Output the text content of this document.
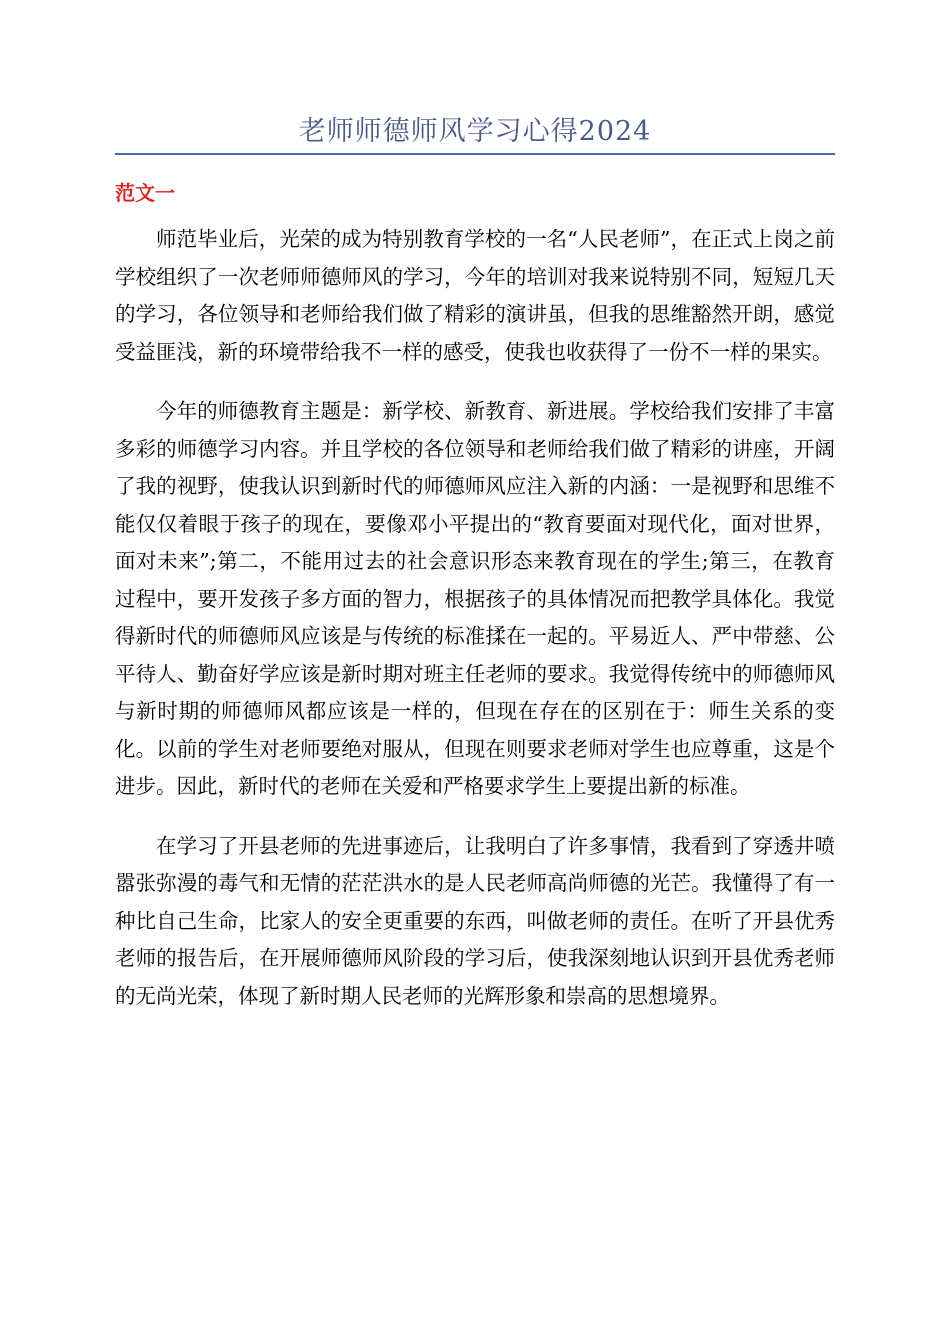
老师师德师风学习心得2024
范文一

师范毕业后，光荣的成为特别教育学校的一名“人民老师”，在正式上岗之前学校组织了一次老师师德师风的学习，今年的培训对我来说特别不同，短短几天的学习，各位领导和老师给我们做了精彩的演讲虽，但我的思维豁然开朗，感觉受益匪浅，新的环境带给我不一样的感受，使我也收获得了一份不一样的果实。

今年的师德教育主题是：新学校、新教育、新进展。学校给我们安排了丰富多彩的师德学习内容。并且学校的各位领导和老师给我们做了精彩的讲座，开阔了我的视野，使我认识到新时代的师德师风应注入新的内涵：一是视野和思维不能仅仅着眼于孩子的现在，要像邓小平提出的“教育要面对现代化，面对世界，面对未来”;第二，不能用过去的社会意识形态来教育现在的学生;第三，在教育过程中，要开发孩子多方面的智力，根据孩子的具体情况而把教学具体化。我觉得新时代的师德师风应该是与传统的标准揉在一起的。平易近人、严中带慈、公平待人、勤奋好学应该是新时期对班主任老师的要求。我觉得传统中的师德师风与新时期的师德师风都应该是一样的，但现在存在的区别在于：师生关系的变化。以前的学生对老师要绝对服从，但现在则要求老师对学生也应尊重，这是个进步。因此，新时代的老师在关爱和严格要求学生上要提出新的标准。

在学习了开县老师的先进事迹后，让我明白了许多事情，我看到了穿透井喷嚣张弥漫的毒气和无情的茫茫洪水的是人民老师高尚师德的光芒。我懂得了有一种比自己生命，比家人的安全更重要的东西，叫做老师的责任。在听了开县优秀老师的报告后，在开展师德师风阶段的学习后，使我深刻地认识到开县优秀老师的无尚光荣，体现了新时期人民老师的光辉形象和崇高的思想境界。
